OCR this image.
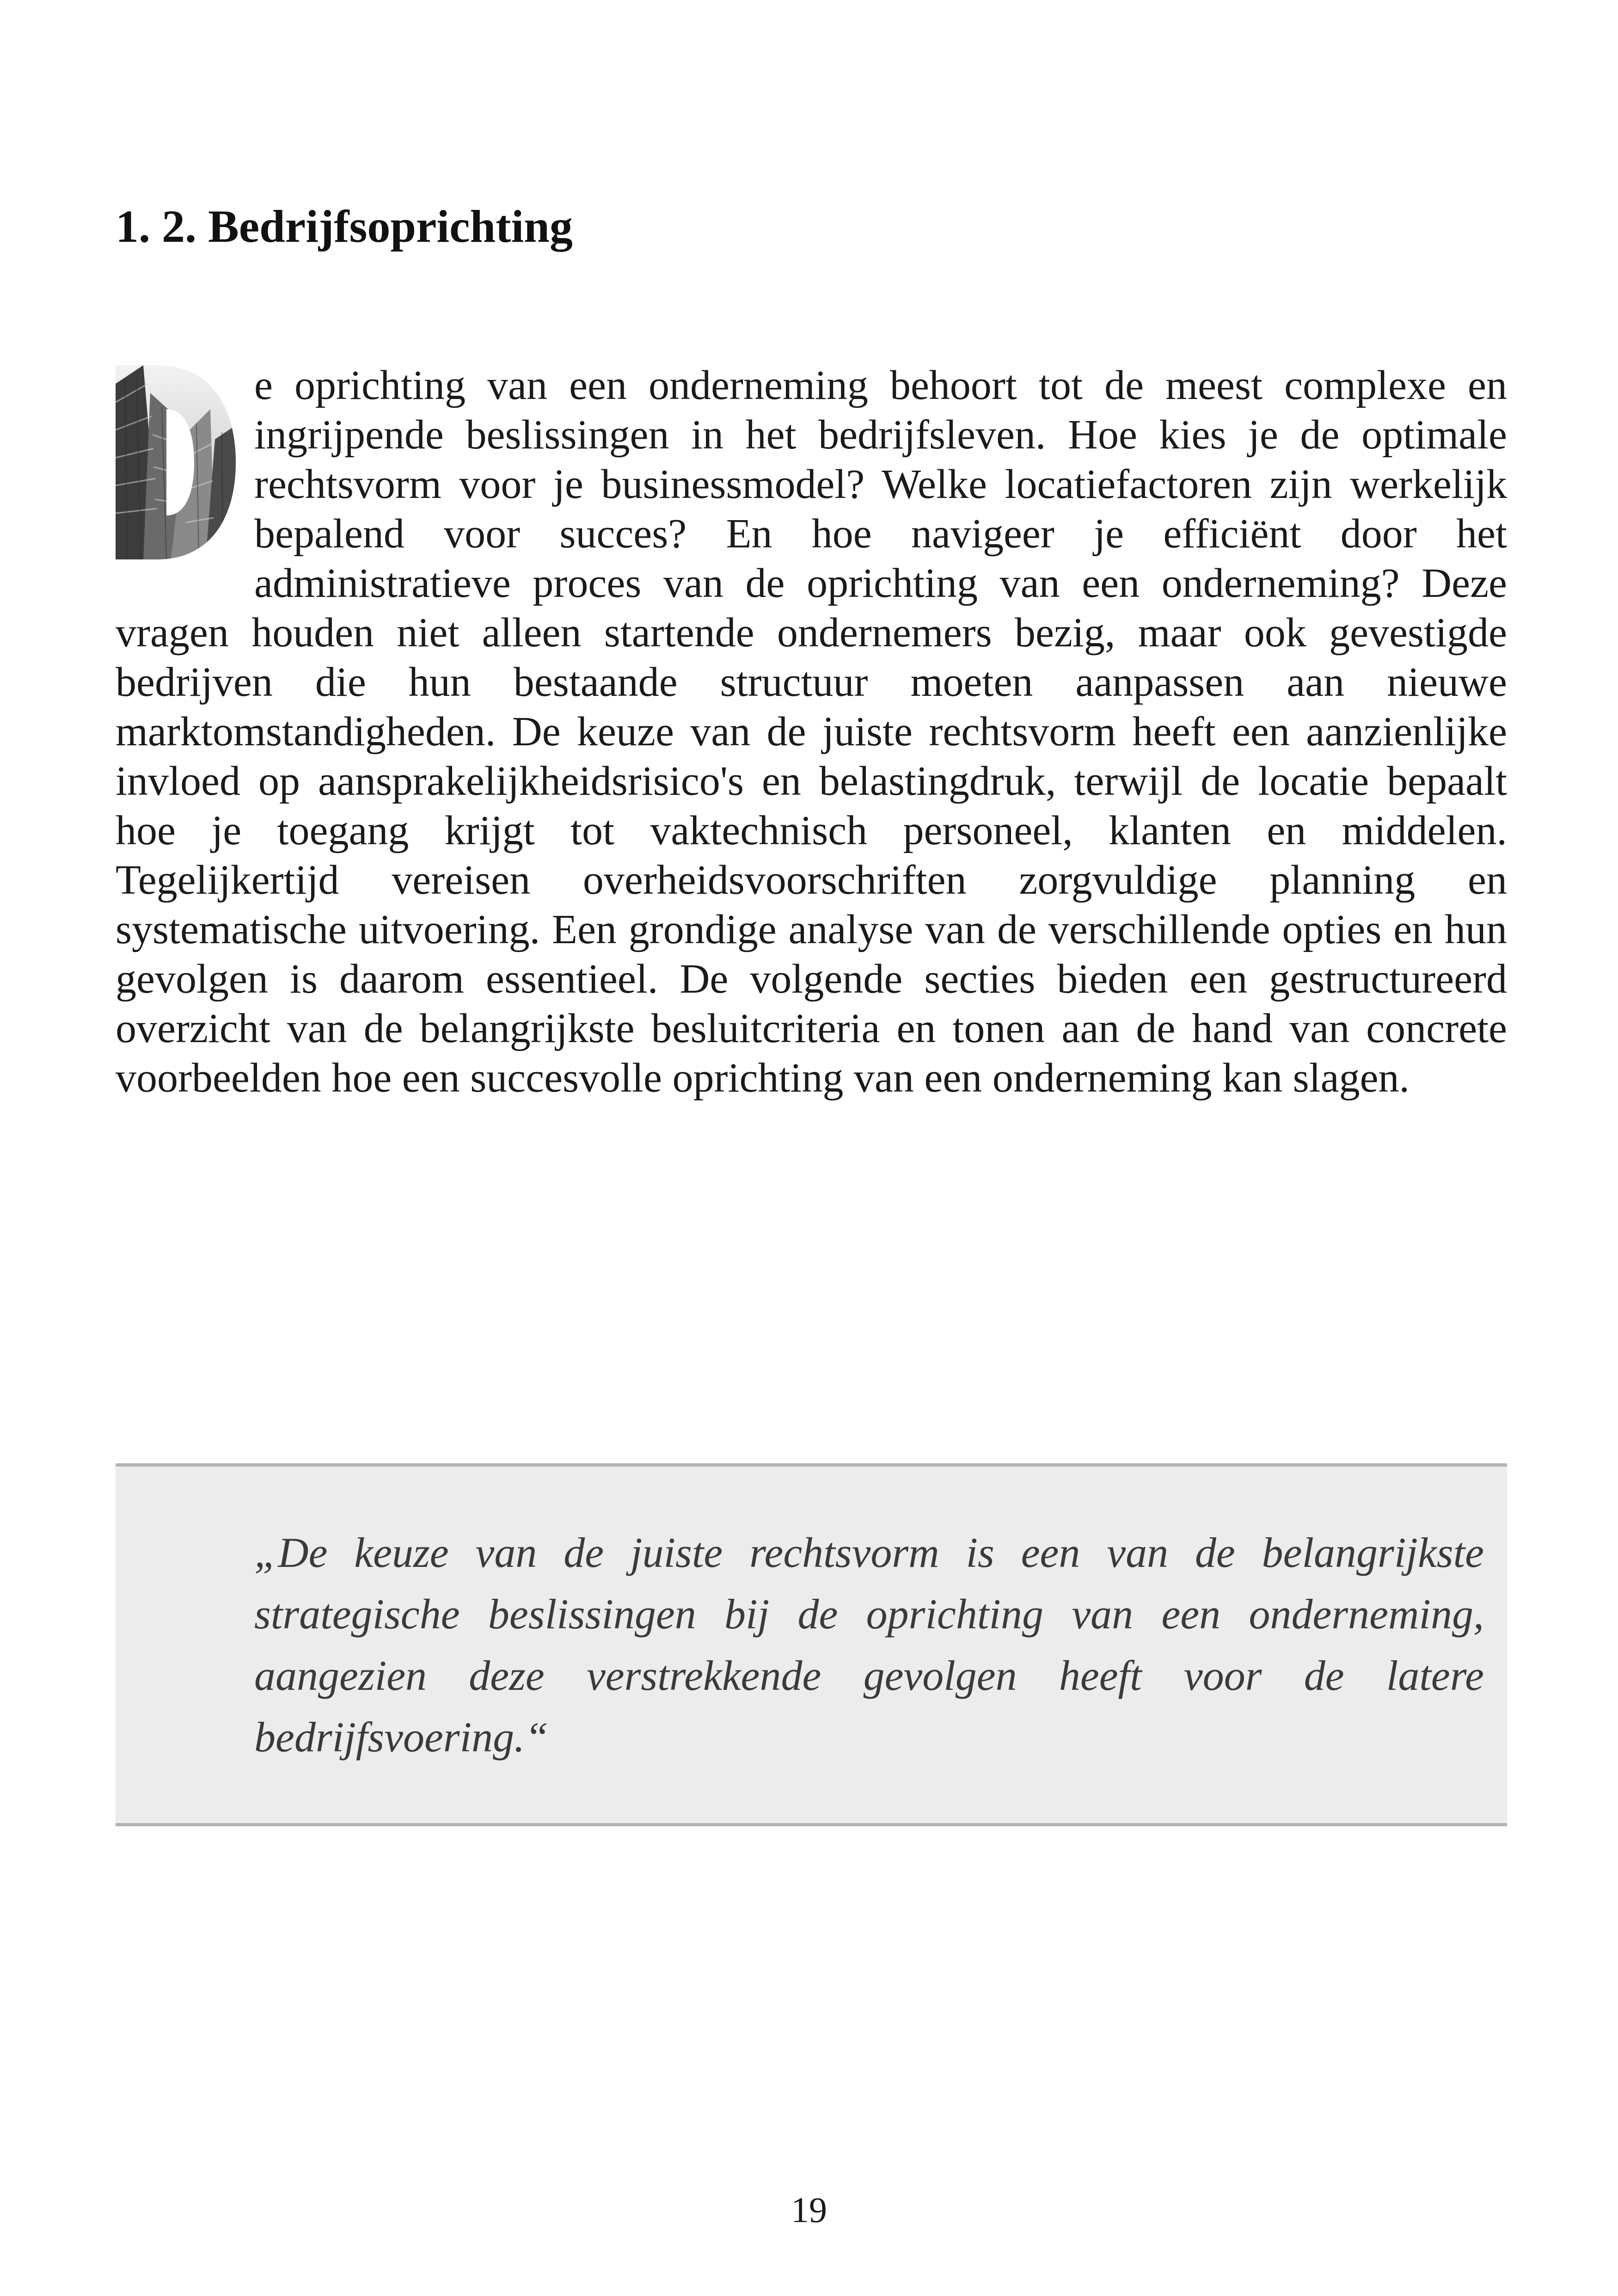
1. 2. Bedrijfsoprichting
e oprichting van een onderneming behoort tot de meest complexe en ingrijpende beslissingen in het bedrijfsleven. Hoe kies je de optimale rechtsvorm voor je businessmodel? Welke locatiefactoren zijn werkelijk bepalend voor succes? En hoe navigeer je efficiënt door het administratieve proces van de oprichting van een onderneming? Deze vragen houden niet alleen startende ondernemers bezig, maar ook gevestigde bedrijven die hun bestaande structuur moeten aanpassen aan nieuwe marktomstandigheden. De keuze van de juiste rechtsvorm heeft een aanzienlijke invloed op aansprakelijkheidsrisico's en belastingdruk, terwijl de locatie bepaalt hoe je toegang krijgt tot vaktechnisch personeel, klanten en middelen. Tegelijkertijd vereisen overheidsvoorschriften zorgvuldige planning en systematische uitvoering. Een grondige analyse van de verschillende opties en hun gevolgen is daarom essentieel. De volgende secties bieden een gestructureerd overzicht van de belangrijkste besluitcriteria en tonen aan de hand van concrete voorbeelden hoe een succesvolle oprichting van een onderneming kan slagen.

„De keuze van de juiste rechtsvorm is een van de belangrijkste strategische beslissingen bij de oprichting van een onderneming, aangezien deze verstrekkende gevolgen heeft voor de latere bedrijfsvoering.“

19
